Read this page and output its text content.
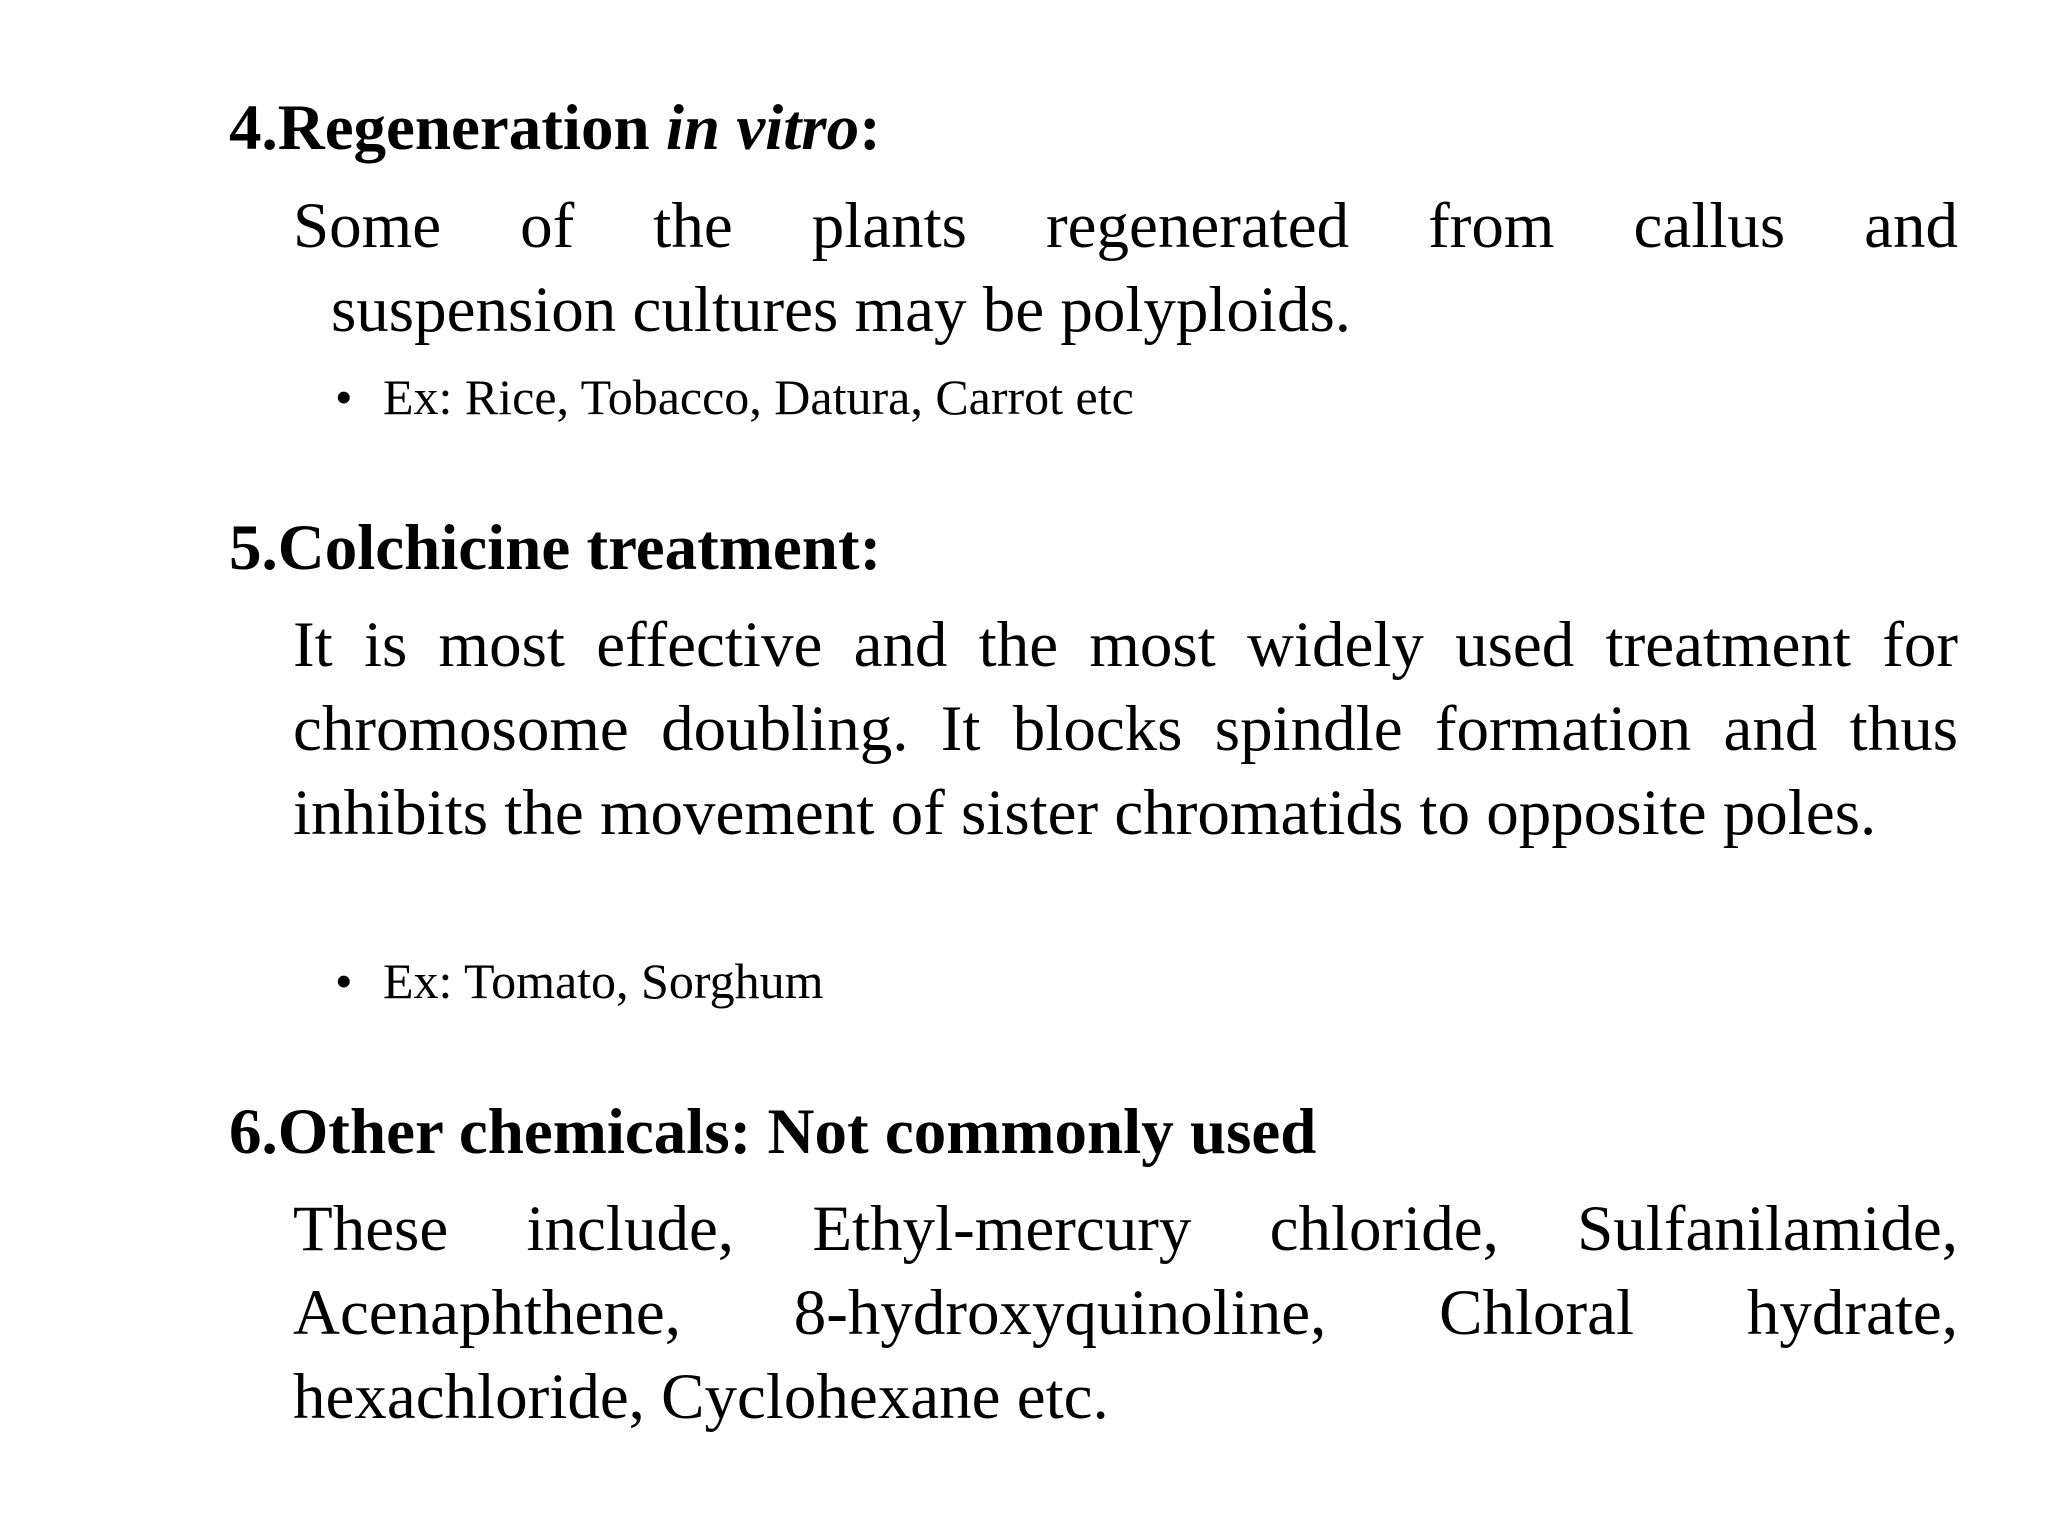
4.Regeneration in vitro:

Some of the plants regenerated from callus and
suspension cultures may be polyploids.

• Ex: Rice, Tobacco, Datura, Carrot etc

5.Colchicine treatment:

It is most effective and the most widely used treatment for chromosome doubling. It blocks spindle formation and thus inhibits the movement of sister chromatids to opposite poles.

• Ex: Tomato, Sorghum

6.Other chemicals: Not commonly used

These include, Ethyl-mercury chloride, Sulfanilamide, Acenaphthene, 8-hydroxyquinoline, Chloral hydrate, hexachloride, Cyclohexane etc.
